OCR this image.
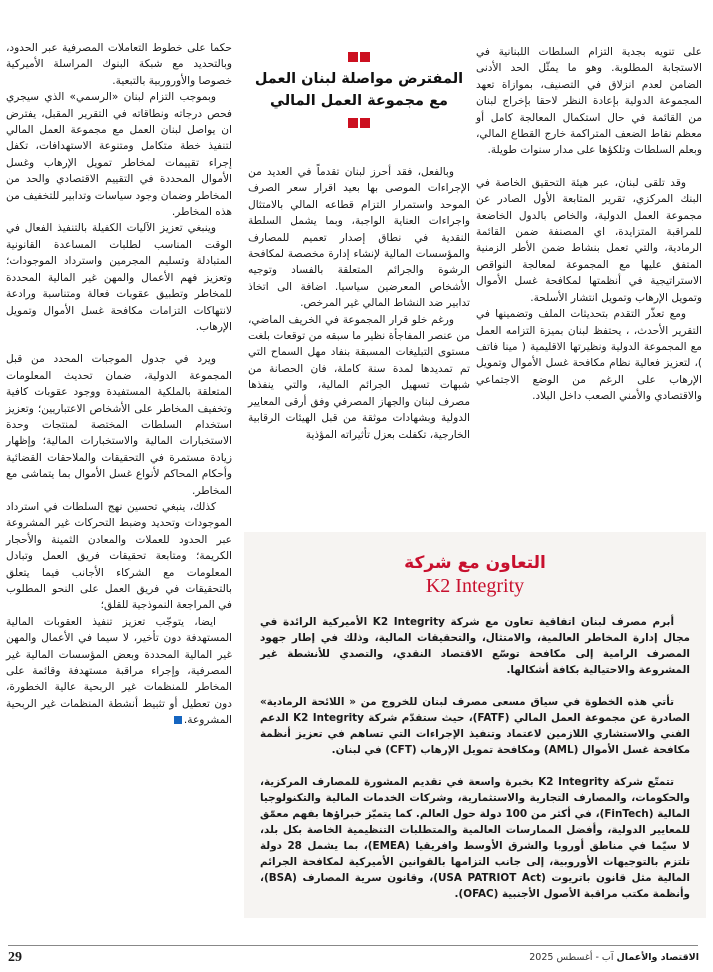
على تنويه بجدية التزام السلطات اللبنانية في الاستجابة المطلوبة. وهو ما يمثّل الحد الأدنى الضامن لعدم انزلاق في التصنيف، بموازاة تعهد المجموعة الدولية بإعادة النظر لاحقا بإخراج لبنان من القائمة في حال استكمال المعالجة كامل أو معظم نقاط الضعف المتراكمة خارج القطاع المالي، وبعلم السلطات وتلكؤها على مدار سنوات طويلة.

وقد تلقى لبنان، عبر هيئة التحقيق الخاصة في البنك المركزي، تقرير المتابعة الأول الصادر عن مجموعة العمل الدولية، والخاص بالدول الخاضعة للمراقبة المتزايدة، اي المصنفة ضمن القائمة الرمادية، والتي تعمل بنشاط ضمن الأطر الزمنية المتفق عليها مع المجموعة لمعالجة النواقص الاستراتيجية في أنظمتها لمكافحة غسل الأموال وتمويل الإرهاب وتمويل انتشار الأسلحة.

ومع تعذّر التقدم بتحديثات الملف وتضمينها في التقرير الأحدث، ، يحتفظ لبنان بميزة التزامه العمل مع المجموعة الدولية ونظيرتها الاقليمية ( مينا فاتف )، لتعزيز فعالية نظام مكافحة غسل الأموال وتمويل الإرهاب على الرغم من الوضع الاجتماعي والاقتصادي والأمني الصعب داخل البلاد.

المفترض مواصلة لبنان العمل
مع مجموعة العمل المالي

وبالفعل، فقد أحرز لبنان تقدماً في العديد من الإجراءات الموصى بها بعيد اقرار سعر الصرف الموحد واستمرار التزام قطاعه المالي بالامتثال واجراءات العناية الواجبة، وبما يشمل السلطة النقدية في نطاق إصدار تعميم للمصارف والمؤسسات المالية لإنشاء إدارة مخصصة لمكافحة الرشوة والجرائم المتعلقة بالفساد وتوجيه الأشخاص المعرضين سياسيا. اضافة الى اتخاذ تدابير ضد النشاط المالي غير المرخص.

ورغم خلو قرار المجموعة في الخريف الماضي، من عنصر المفاجأة نظير ما سبقه من توقعات بلغت مستوى التبليغات المسبقة بنفاد مهل السماح التي تم تمديدها لمدة سنة كاملة، فان الحصانة من شبهات تسهيل الجرائم المالية، والتي ينفذها مصرف لبنان والجهاز المصرفي وفق أرقى المعايير الدولية وبشهادات موثقة من قبل الهيئات الرقابية الخارجية، تكفلت بعزل تأثيراته المؤذية

حكما على خطوط التعاملات المصرفية عبر الحدود، وبالتحديد مع شبكة البنوك المراسلة الأميركية خصوصا والأوروربية بالتبعية.

وبموجب التزام لبنان «الرسمي» الذي سيجري فحص درجاته ونطاقاته في التقرير المقبل، يفترض ان يواصل لبنان العمل مع مجموعة العمل المالي لتنفيذ خطة متكامل ومتنوعة الاستهدافات، تكفل إجراء تقييمات لمخاطر تمويل الإرهاب وغسل الأموال المحددة في التقييم الاقتصادي والحد من المخاطر وضمان وجود سياسات وتدابير للتخفيف من هذه المخاطر.

وينبغي تعزيز الآليات الكفيلة بالتنفيذ الفعال في الوقت المناسب لطلبات المساعدة القانونية المتبادلة وتسليم المجرمين واسترداد الموجودات؛ وتعزيز فهم الأعمال والمهن غير المالية المحددة للمخاطر وتطبيق عقوبات فعالة ومتناسبة ورادعة لانتهاكات التزامات مكافحة غسل الأموال وتمويل الإرهاب.

ويرد في جدول الموجبات المحدد من قبل المجموعة الدولية، ضمان تحديث المعلومات المتعلقة بالملكية المستفيدة ووجود عقوبات كافية وتخفيف المخاطر على الأشخاص الاعتباريين؛ وتعزيز استخدام السلطات المختصة لمنتجات وحدة الاستخبارات المالية والاستخبارات المالية؛ وإظهار زيادة مستمرة في التحقيقات والملاحقات القضائية وأحكام المحاكم لأنواع غسل الأموال بما يتماشى مع المخاطر.

كذلك، ينبغي تحسين نهج السلطات في استرداد الموجودات وتحديد وضبط التحركات غير المشروعة عبر الحدود للعملات والمعادن الثمينة والأحجار الكريمة؛ ومتابعة تحقيقات فريق العمل وتبادل المعلومات مع الشركاء الأجانب فيما يتعلق بالتحقيقات في فريق العمل على النحو المطلوب في المراجعة النموذجية للقلق؛

ايضا، يتوجّب تعزيز تنفيذ العقوبات المالية المستهدفة دون تأخير، لا سيما في الأعمال والمهن غير المالية المحددة وبعض المؤسسات المالية غير المصرفية، وإجراء مراقبة مستهدفة وقائمة على المخاطر للمنظمات غير الربحية عالية الخطورة، دون تعطيل أو تثبيط أنشطة المنظمات غير الربحية المشروعة.

التعاون مع شركة
K2 Integrity

أبرم مصرف لبنان اتفاقية تعاون مع شركة K2 Integrity الأميركية الرائدة في مجال إدارة المخاطر العالمية، والامتثال، والتحقيقات المالية، وذلك في إطار جهود المصرف الرامية إلى مكافحة توسّع الاقتصاد النقدي، والتصدي للأنشطة غير المشروعة والاحتيالية بكافة أشكالها.

تأتي هذه الخطوة في سياق مسعى مصرف لبنان للخروج من « اللائحة الرمادية» الصادرة عن مجموعة العمل المالي (FATF)، حيث ستقدّم شركة K2 Integrity الدعم الفني والاستشاري اللازمين لاعتماد وتنفيذ الإجراءات التي تساهم في تعزيز أنظمة مكافحة غسل الأموال (AML) ومكافحة تمويل الإرهاب (CFT) في لبنان.

تتمتّع شركة K2 Integrity بخبرة واسعة في تقديم المشورة للمصارف المركزية، والحكومات، والمصارف التجارية والاستثمارية، وشركات الخدمات المالية والتكنولوجيا المالية (FinTech)، في أكثر من 100 دولة حول العالم. كما يتميّز خبراؤها بفهم معمّق للمعايير الدولية، وأفضل الممارسات العالمية والمتطلبات التنظيمية الخاصة بكل بلد، لا سيّما في مناطق أوروبا والشرق الأوسط وافريقيا (EMEA)، بما يشمل 28 دولة تلتزم بالتوجيهات الأوروبية، إلى جانب التزامها بالقوانين الأميركية لمكافحة الجرائم المالية مثل قانون باتريوت (USA PATRIOT Act)، وقانون سرية المصارف (BSA)، وأنظمة مكتب مراقبة الأصول الأجنبية (OFAC).

29	الاقتصاد والأعمال آب - أغسطس 2025
